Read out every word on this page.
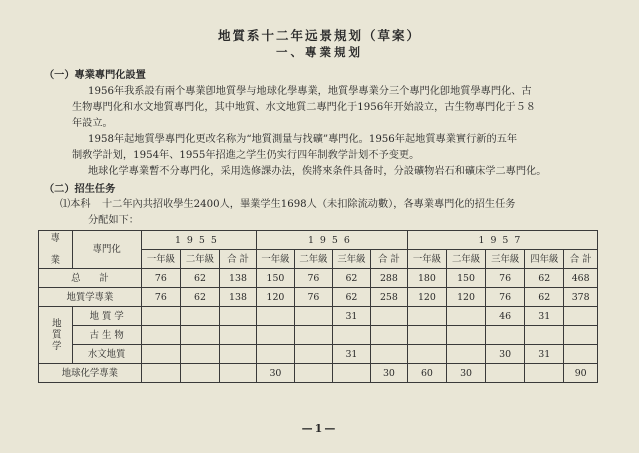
地質系十二年远景規划（草案）
一、專業規划
（一）專業專門化設置
1956年我系設有兩个專業卽地質學与地球化學專業，地質學專業分三个專門化卽地質學專門化、古
生物專門化和水文地質專門化，其中地質、水文地質二專門化于1956年开始設立，古生物專門化于５８
年設立。
1958年起地質學專門化更改名称为“地質測量与找礦”專門化。1956年起地質專業實行新的五年
制敎学計划，1954年、1955年招進之学生仍实行四年制敎学計划不予变更。
地球化学專業暫不分專門化，采用选修課办法，俟將來条件具备时，分設礦物岩石和礦床学二專門化。
（二）招生任务
⑴本科 十二年內共招收學生2400人，畢業学生1698人（未扣除流动數），各專業專門化的招生任务
分配如下：
專

業	專門化	1955			1956				1957				
		一年級	二年級	合 計	一年級	二年級	三年級	合 計	一年級	二年級	三年級	四年級	合 計
总　　計		76	62	138	150	76	62	288	180	150	76	62	468
地質学專業		76	62	138	120	76	62	258	120	120	76	62	378
地質学	地 質 学						31				46	31	
	古 生 物												
	水文地質						31				30	31	
地球化学專業					30			30	60	30			90
—1—
